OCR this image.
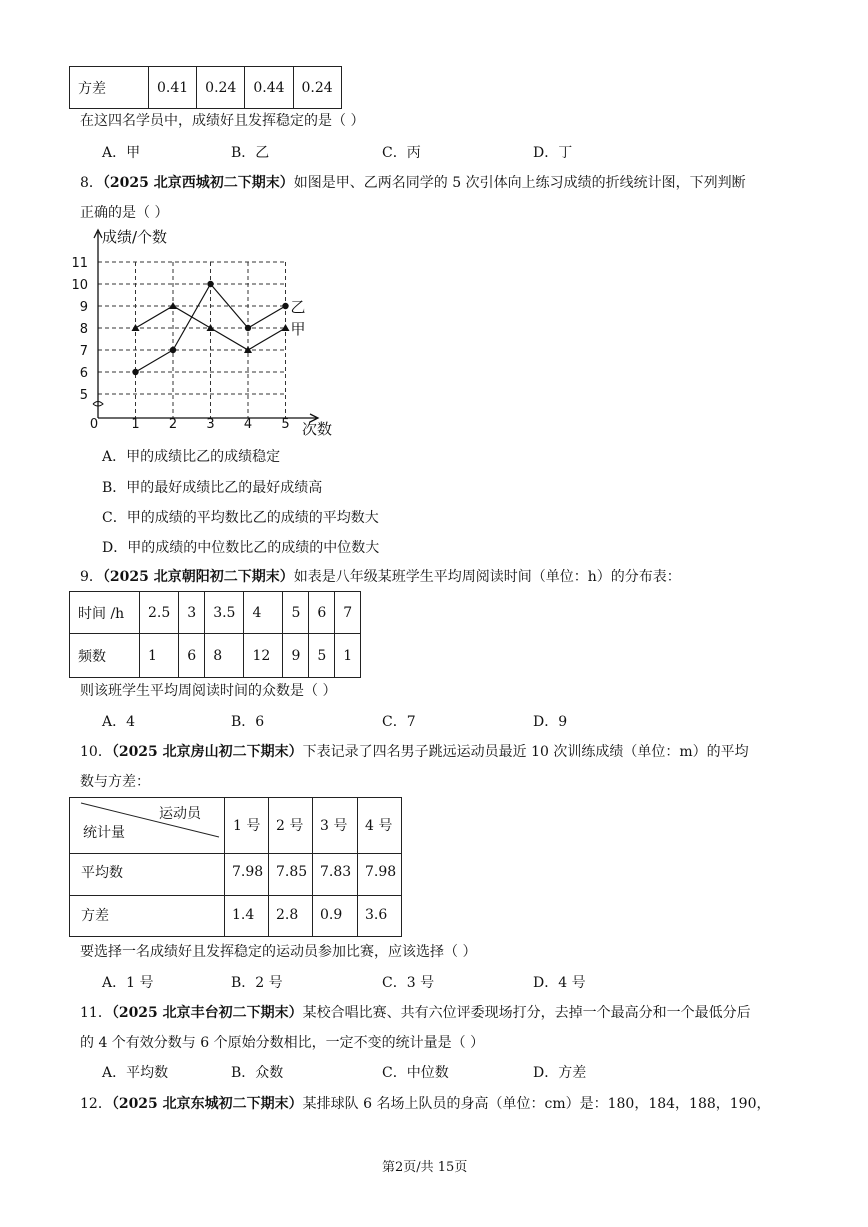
方差	0.41	0.24	0.44	0.24
在这四名学员中，成绩好且发挥稳定的是（ ）
A．甲	B．乙	C．丙	D．丁
8．（2025 北京西城初二下期末）如图是甲、乙两名同学的 5 次引体向上练习成绩的折线统计图，下列判断
正确的是（ ）
5
6
7
8
9
10
11
1 2 3 4 5
0
成绩/个数
次数
甲
乙
A．甲的成绩比乙的成绩稳定
B．甲的最好成绩比乙的最好成绩高
C．甲的成绩的平均数比乙的成绩的平均数大
D．甲的成绩的中位数比乙的成绩的中位数大
9．（2025 北京朝阳初二下期末）如表是八年级某班学生平均周阅读时间（单位：h）的分布表：
时间 /h	2.5	3	3.5	4	5	6	7
频数	1	6	8	12	9	5	1
则该班学生平均周阅读时间的众数是（ ）
A．4	B．6	C．7	D．9
10．（2025 北京房山初二下期末）下表记录了四名男子跳远运动员最近 10 次训练成绩（单位：m）的平均
数与方差：
运动员
统计量	1 号 2 号 3 号 4 号
平均数	7.98 7.85 7.83 7.98
方差	1.4 2.8 0.9 3.6
要选择一名成绩好且发挥稳定的运动员参加比赛，应该选择（ ）
A．1 号	B．2 号	C．3 号	D．4 号
11．（2025 北京丰台初二下期末）某校合唱比赛、共有六位评委现场打分，去掉一个最高分和一个最低分后
的 4 个有效分数与 6 个原始分数相比，一定不变的统计量是（ ）
A．平均数	B．众数	C．中位数	D．方差
12．（2025 北京东城初二下期末）某排球队 6 名场上队员的身高（单位：cm）是：180，184，188，190，
第2页/共 15页
